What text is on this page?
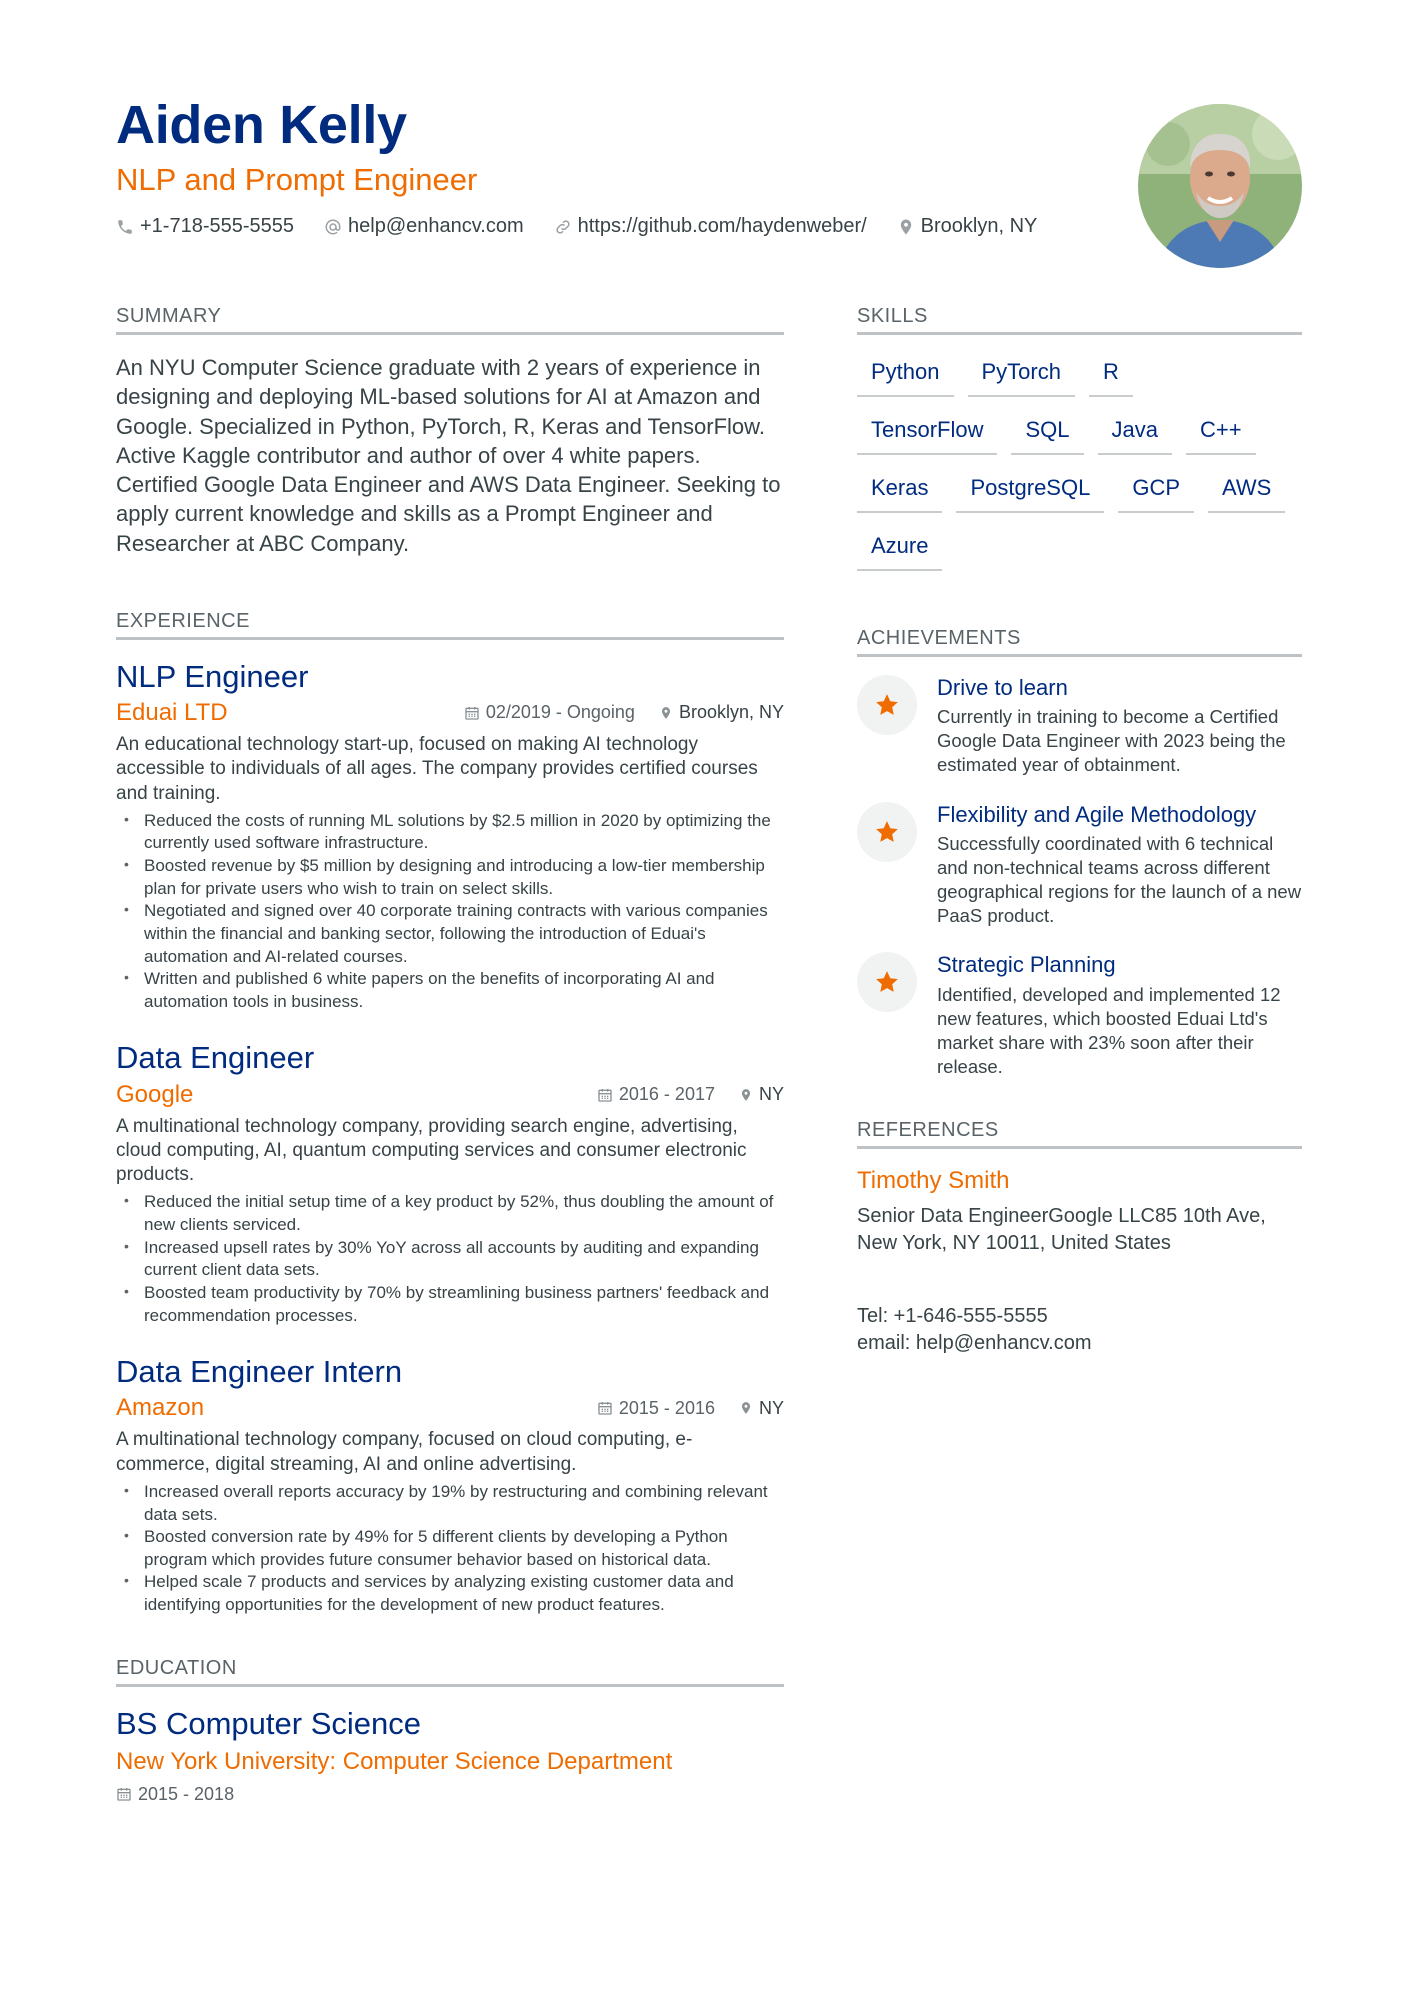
Aiden Kelly
NLP and Prompt Engineer
+1-718-555-5555	help@enhancv.com	https://github.com/haydenweber/	Brooklyn, NY
SUMMARY
An NYU Computer Science graduate with 2 years of experience in designing and deploying ML-based solutions for AI at Amazon and Google. Specialized in Python, PyTorch, R, Keras and TensorFlow. Active Kaggle contributor and author of over 4 white papers. Certified Google Data Engineer and AWS Data Engineer. Seeking to apply current knowledge and skills as a Prompt Engineer and Researcher at ABC Company.
EXPERIENCE
NLP Engineer
Eduai LTD	02/2019 - Ongoing Brooklyn, NY
An educational technology start-up, focused on making AI technology accessible to individuals of all ages. The company provides certified courses and training.
• Reduced the costs of running ML solutions by $2.5 million in 2020 by optimizing the currently used software infrastructure.
• Boosted revenue by $5 million by designing and introducing a low-tier membership plan for private users who wish to train on select skills.
• Negotiated and signed over 40 corporate training contracts with various companies within the financial and banking sector, following the introduction of Eduai's automation and AI-related courses.
• Written and published 6 white papers on the benefits of incorporating AI and automation tools in business.
Data Engineer
Google	2016 - 2017 NY
A multinational technology company, providing search engine, advertising, cloud computing, AI, quantum computing services and consumer electronic products.
• Reduced the initial setup time of a key product by 52%, thus doubling the amount of new clients serviced.
• Increased upsell rates by 30% YoY across all accounts by auditing and expanding current client data sets.
• Boosted team productivity by 70% by streamlining business partners' feedback and recommendation processes.
Data Engineer Intern
Amazon	2015 - 2016 NY
A multinational technology company, focused on cloud computing, e-commerce, digital streaming, AI and online advertising.
• Increased overall reports accuracy by 19% by restructuring and combining relevant data sets.
• Boosted conversion rate by 49% for 5 different clients by developing a Python program which provides future consumer behavior based on historical data.
• Helped scale 7 products and services by analyzing existing customer data and identifying opportunities for the development of new product features.
EDUCATION
BS Computer Science
New York University: Computer Science Department
2015 - 2018
SKILLS
Python	PyTorch	R
TensorFlow	SQL	Java	C++
Keras	PostgreSQL	GCP	AWS
Azure
ACHIEVEMENTS
Drive to learn
Currently in training to become a Certified Google Data Engineer with 2023 being the estimated year of obtainment.
Flexibility and Agile Methodology
Successfully coordinated with 6 technical and non-technical teams across different geographical regions for the launch of a new PaaS product.
Strategic Planning
Identified, developed and implemented 12 new features, which boosted Eduai Ltd's market share with 23% soon after their release.
REFERENCES
Timothy Smith
Senior Data EngineerGoogle LLC85 10th Ave, New York, NY 10011, United States
Tel: +1-646-555-5555
email: help@enhancv.com
